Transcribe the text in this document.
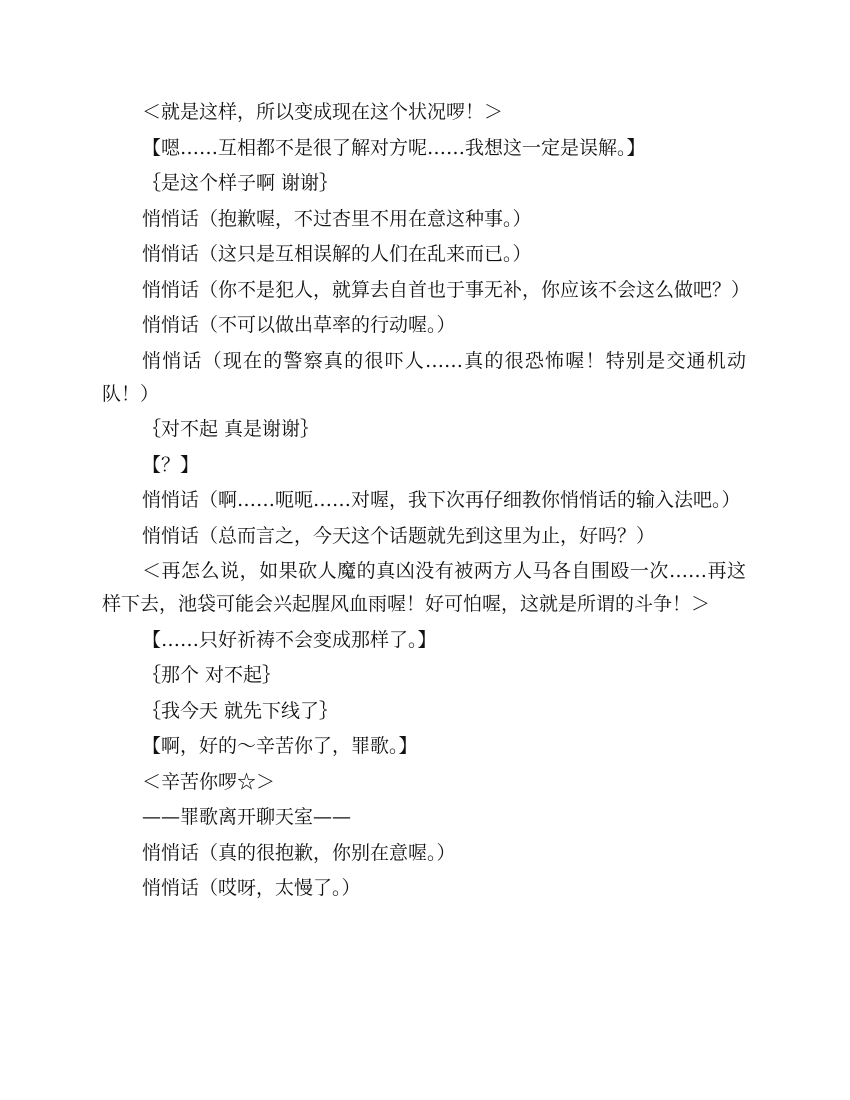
＜就是这样，所以变成现在这个状况啰！＞

【嗯……互相都不是很了解对方呢……我想这一定是误解。】

｛是这个样子啊 谢谢｝

悄悄话（抱歉喔，不过杏里不用在意这种事。）

悄悄话（这只是互相误解的人们在乱来而已。）

悄悄话（你不是犯人，就算去自首也于事无补，你应该不会这么做吧？）

悄悄话（不可以做出草率的行动喔。）

悄悄话（现在的警察真的很吓人……真的很恐怖喔！特别是交通机动队！）

｛对不起 真是谢谢｝

【？】

悄悄话（啊……呃呃……对喔，我下次再仔细教你悄悄话的输入法吧。）

悄悄话（总而言之，今天这个话题就先到这里为止，好吗？）

＜再怎么说，如果砍人魔的真凶没有被两方人马各自围殴一次……再这样下去，池袋可能会兴起腥风血雨喔！好可怕喔，这就是所谓的斗争！＞

【……只好祈祷不会变成那样了。】

｛那个 对不起｝

｛我今天 就先下线了｝

【啊，好的～辛苦你了，罪歌。】

＜辛苦你啰☆＞

——罪歌离开聊天室——

悄悄话（真的很抱歉，你别在意喔。）

悄悄话（哎呀，太慢了。）
